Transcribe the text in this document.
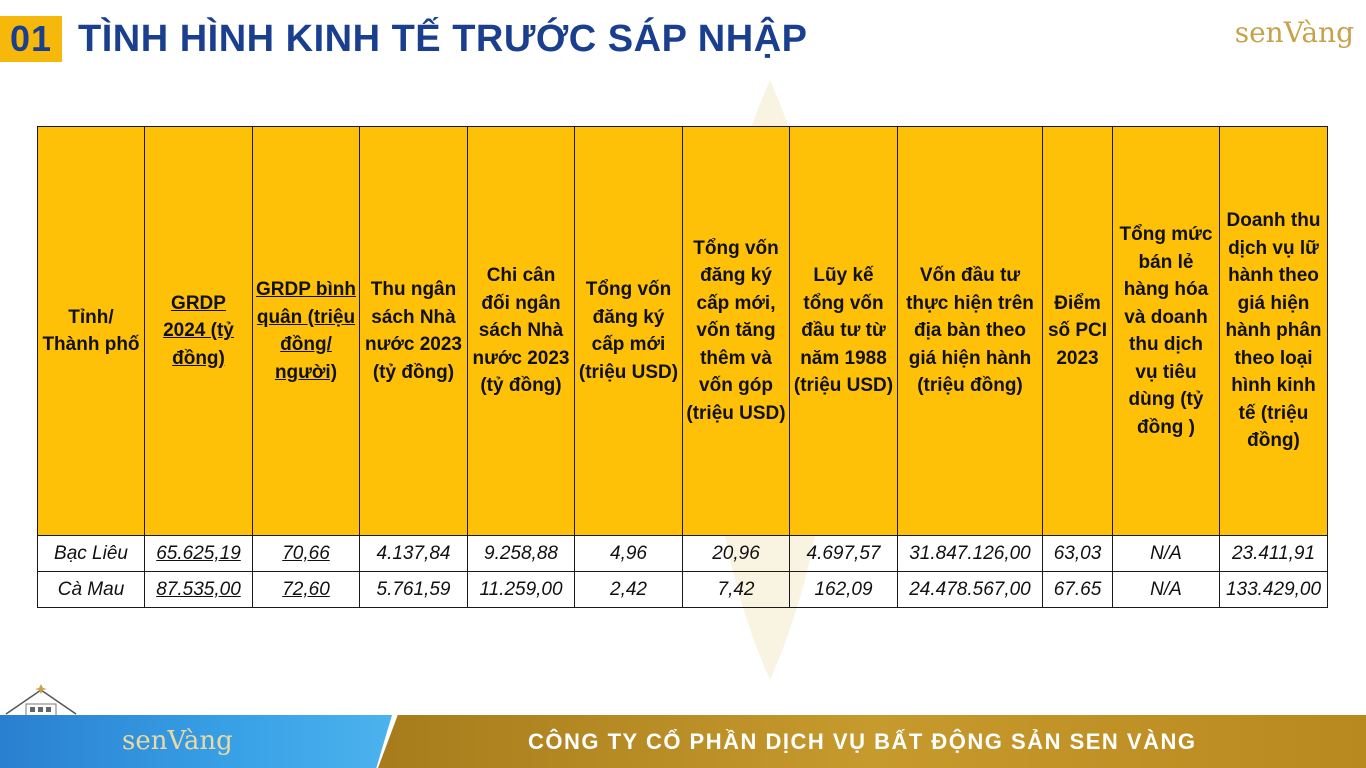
01 TÌNH HÌNH KINH TẾ TRƯỚC SÁP NHẬP	senVàng
Tỉnh/ Thành phố	GRDP 2024 (tỷ đồng)	GRDP bình quân (triệu đồng/ người)	Thu ngân sách Nhà nước 2023 (tỷ đồng)	Chi cân đối ngân sách Nhà nước 2023 (tỷ đồng)	Tổng vốn đăng ký cấp mới (triệu USD)	Tổng vốn đăng ký cấp mới, vốn tăng thêm và vốn góp (triệu USD)	Lũy kế tổng vốn đầu tư từ năm 1988 (triệu USD)	Vốn đầu tư thực hiện trên địa bàn theo giá hiện hành (triệu đồng)	Điểm số PCI 2023	Tổng mức bán lẻ hàng hóa và doanh thu dịch vụ tiêu dùng (tỷ đồng )	Doanh thu dịch vụ lữ hành theo giá hiện hành phân theo loại hình kinh tế (triệu đồng)
Bạc Liêu	65.625,19	70,66	4.137,84	9.258,88	4,96	20,96	4.697,57	31.847.126,00	63,03	N/A	23.411,91
Cà Mau	87.535,00	72,60	5.761,59	11.259,00	2,42	7,42	162,09	24.478.567,00	67.65	N/A	133.429,00
senVàng	CÔNG TY CỔ PHẦN DỊCH VỤ BẤT ĐỘNG SẢN SEN VÀNG
